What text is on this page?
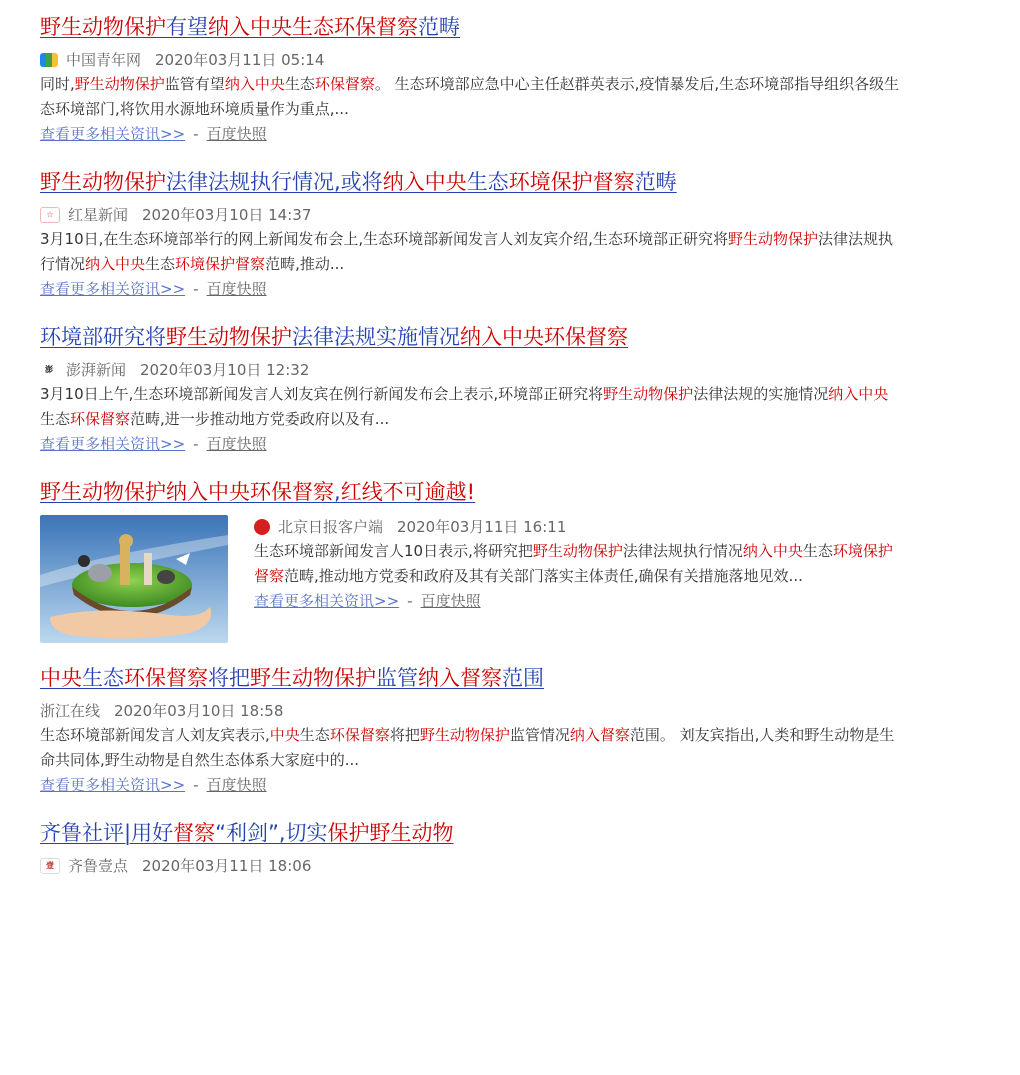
野生动物保护有望纳入中央生态环保督察范畴
中国青年网 2020年03月11日 05:14
同时,野生动物保护监管有望纳入中央生态环保督察。 生态环境部应急中心主任赵群英表示,疫情暴发后,生态环境部指导组织各级生态环境部门,将饮用水源地环境质量作为重点,...
查看更多相关资讯>> - 百度快照
野生动物保护法律法规执行情况,或将纳入中央生态环境保护督察范畴
☆ 红星新闻 2020年03月10日 14:37
3月10日,在生态环境部举行的网上新闻发布会上,生态环境部新闻发言人刘友宾介绍,生态环境部正研究将野生动物保护法律法规执行情况纳入中央生态环境保护督察范畴,推动...
查看更多相关资讯>> - 百度快照
环境部研究将野生动物保护法律法规实施情况纳入中央环保督察
澎 澎湃新闻 2020年03月10日 12:32
3月10日上午,生态环境部新闻发言人刘友宾在例行新闻发布会上表示,环境部正研究将野生动物保护法律法规的实施情况纳入中央生态环保督察范畴,进一步推动地方党委政府以及有...
查看更多相关资讯>> - 百度快照
野生动物保护纳入中央环保督察,红线不可逾越!
北京日报客户端 2020年03月11日 16:11
生态环境部新闻发言人10日表示,将研究把野生动物保护法律法规执行情况纳入中央生态环境保护督察范畴,推动地方党委和政府及其有关部门落实主体责任,确保有关措施落地见效...
查看更多相关资讯>> - 百度快照
中央生态环保督察将把野生动物保护监管纳入督察范围
浙江在线 2020年03月10日 18:58
生态环境部新闻发言人刘友宾表示,中央生态环保督察将把野生动物保护监管情况纳入督察范围。 刘友宾指出,人类和野生动物是生命共同体,野生动物是自然生态体系大家庭中的...
查看更多相关资讯>> - 百度快照
齐鲁社评|用好督察“利剑”,切实保护野生动物
壹 齐鲁壹点 2020年03月11日 18:06
